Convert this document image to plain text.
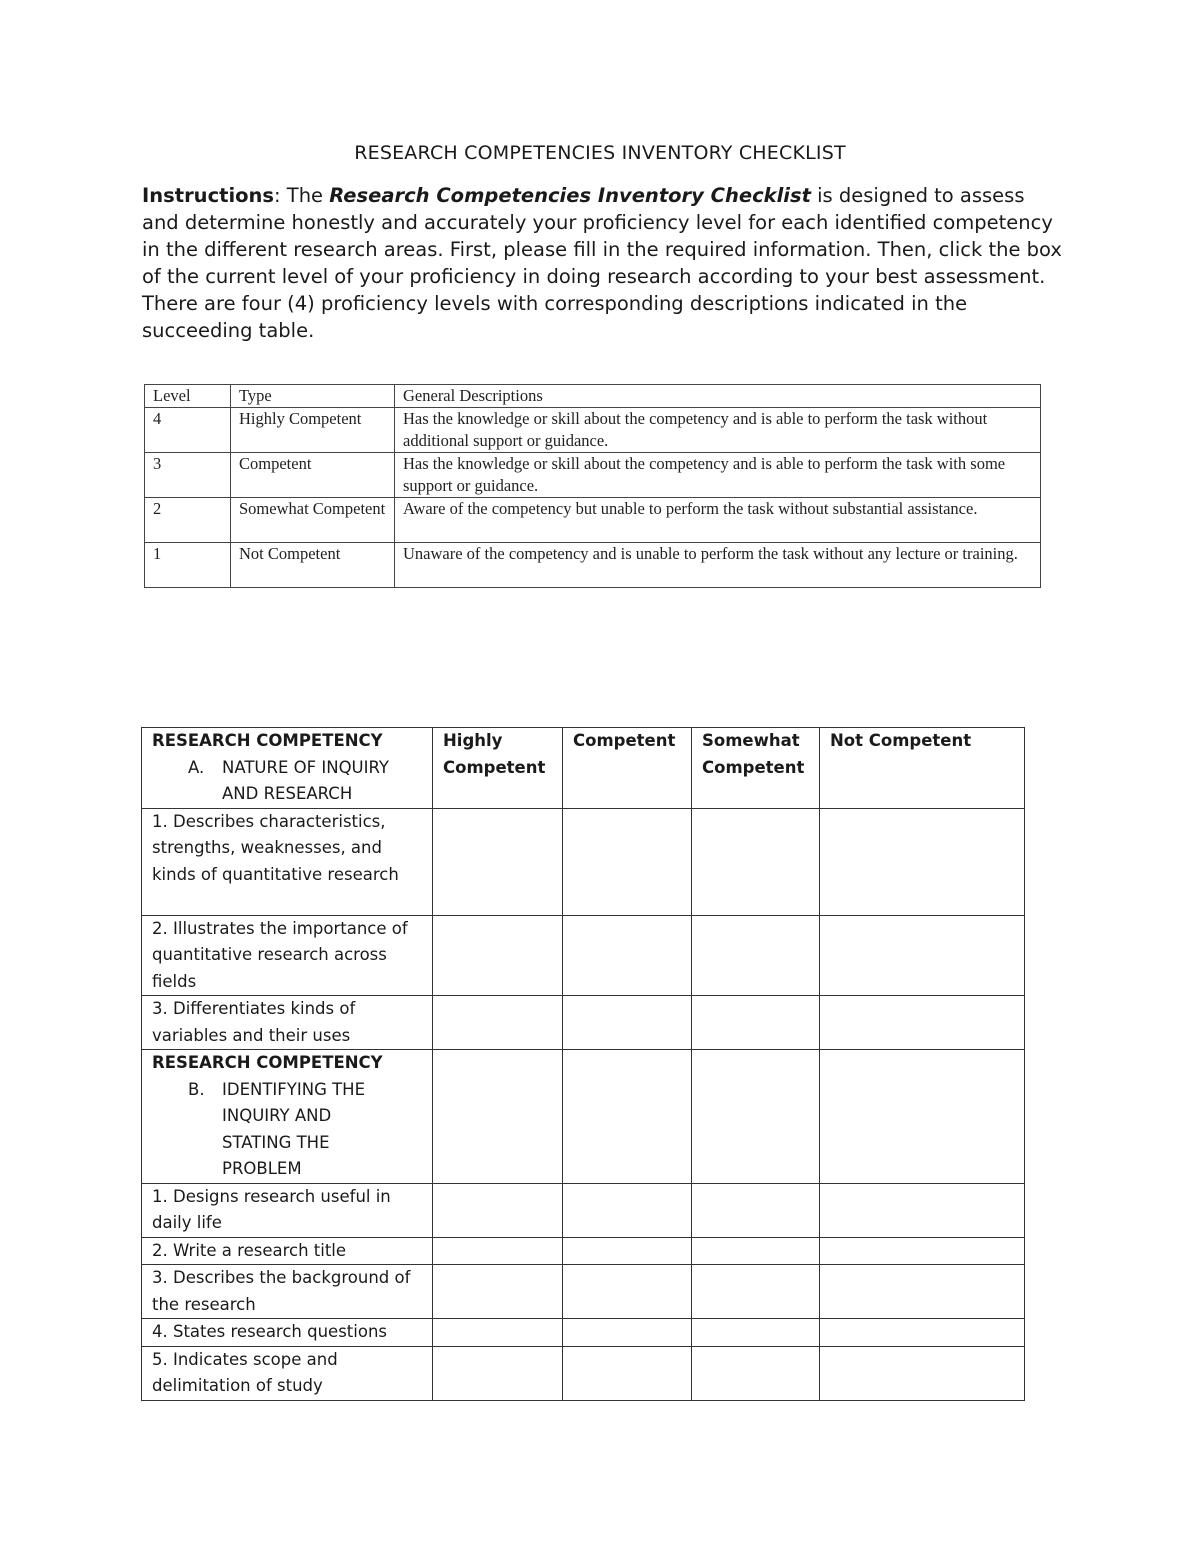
RESEARCH COMPETENCIES INVENTORY CHECKLIST
Instructions: The Research Competencies Inventory Checklist is designed to assess and determine honestly and accurately your proficiency level for each identified competency in the different research areas. First, please fill in the required information. Then, click the box of the current level of your proficiency in doing research according to your best assessment. There are four (4) proficiency levels with corresponding descriptions indicated in the succeeding table.
Level	Type	General Descriptions
4	Highly Competent	Has the knowledge or skill about the competency and is able to perform the task without additional support or guidance.
3	Competent	Has the knowledge or skill about the competency and is able to perform the task with some support or guidance.
2	Somewhat Competent	Aware of the competency but unable to perform the task without substantial assistance.
1	Not Competent	Unaware of the competency and is unable to perform the task without any lecture or training.
RESEARCH COMPETENCY
A. NATURE OF INQUIRY AND RESEARCH	Highly Competent	Competent	Somewhat Competent	Not Competent
1. Describes characteristics, strengths, weaknesses, and kinds of quantitative research				
2. Illustrates the importance of quantitative research across fields				
3. Differentiates kinds of variables and their uses				

RESEARCH COMPETENCY
B. IDENTIFYING THE INQUIRY AND STATING THE PROBLEM				

1. Designs research useful in daily life				
2. Write a research title				
3. Describes the background of the research				
4. States research questions				
5. Indicates scope and delimitation of study				
